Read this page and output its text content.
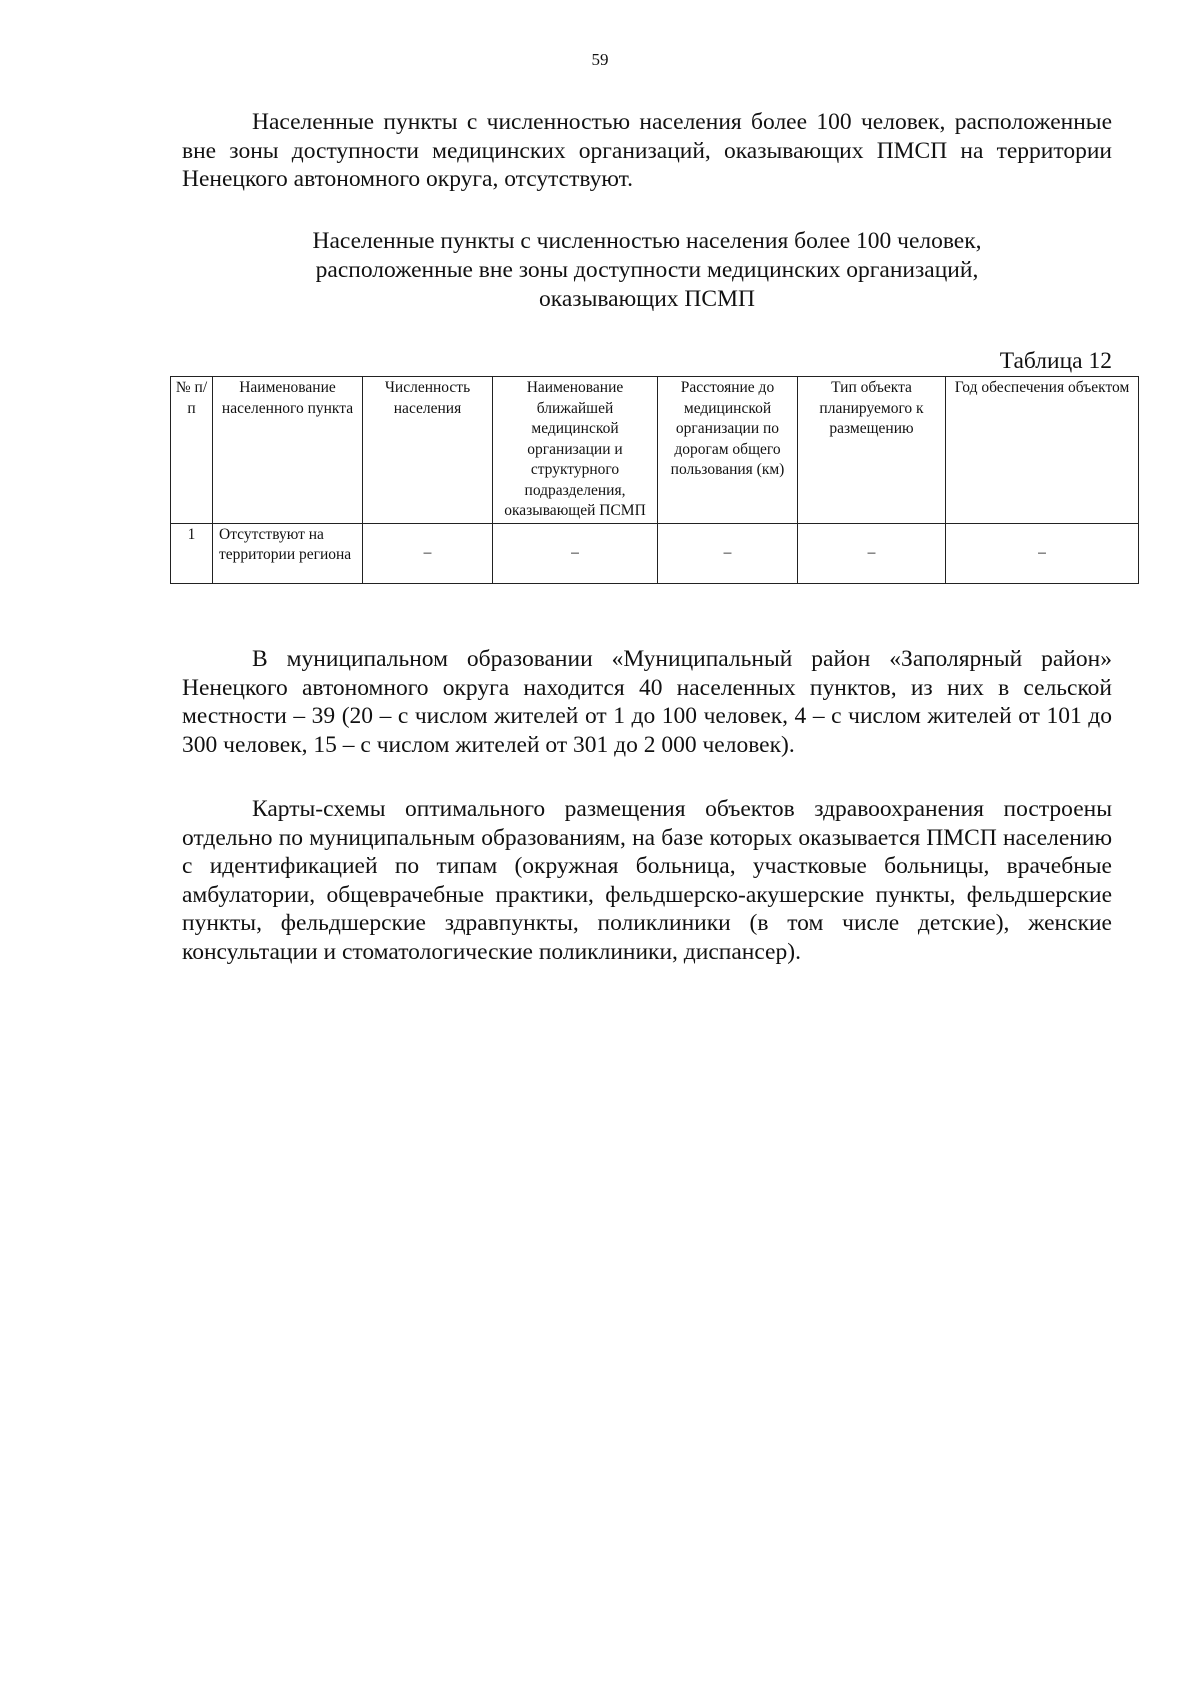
59

Населенные пункты с численностью населения более 100 человек, расположенные вне зоны доступности медицинских организаций, оказывающих ПМСП на территории Ненецкого автономного округа, отсутствуют.

Населенные пункты с численностью населения более 100 человек,
расположенные вне зоны доступности медицинских организаций,
оказывающих ПСМП
Таблица 12
№ п/п	Наименование населенного пункта	Численность населения	Наименование ближайшей медицинской организации и структурного подразделения, оказывающей ПСМП	Расстояние до медицинской организации по дорогам общего пользования (км)	Тип объекта планируемого к размещению	Год обеспечения объектом
1	Отсутствуют на территории региона	–	–	–	–	–

В муниципальном образовании «Муниципальный район «Заполярный район» Ненецкого автономного округа находится 40 населенных пунктов, из них в сельской местности – 39 (20 – с числом жителей от 1 до 100 человек, 4 – с числом жителей от 101 до 300 человек, 15 – с числом жителей от 301 до 2 000 человек).

Карты-схемы оптимального размещения объектов здравоохранения построены отдельно по муниципальным образованиям, на базе которых оказывается ПМСП населению с идентификацией по типам (окружная больница, участковые больницы, врачебные амбулатории, общеврачебные практики, фельдшерско-акушерские пункты, фельдшерские пункты, фельдшерские здравпункты, поликлиники (в том числе детские), женские консультации и стоматологические поликлиники, диспансер).
